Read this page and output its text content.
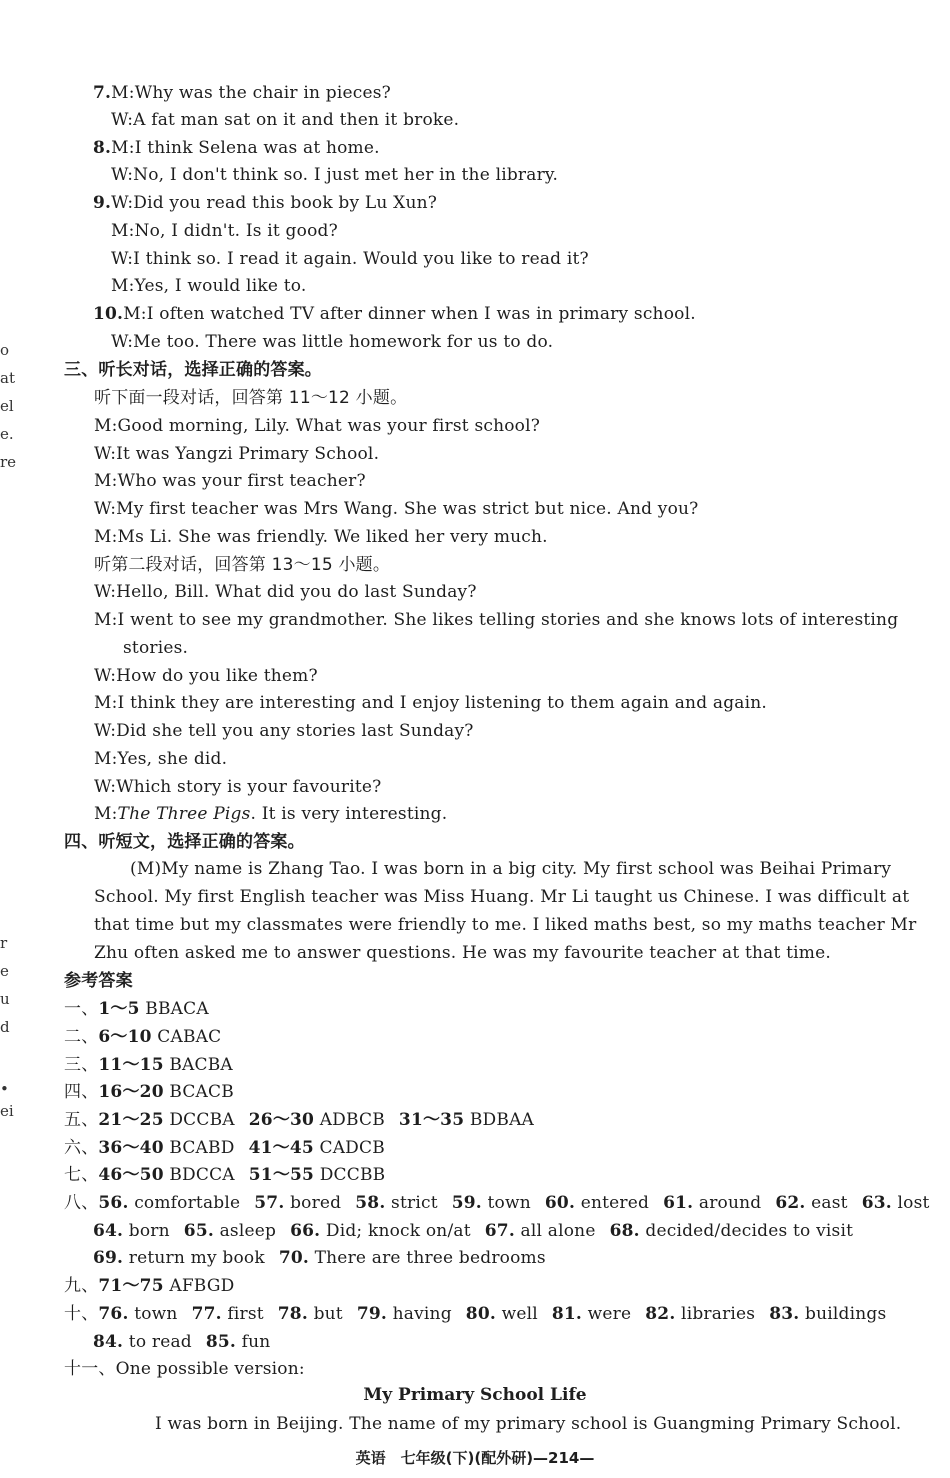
o
at
el
e.
re
r
e
u
d
•
ei
7.M:Why was the chair in pieces?
W:A fat man sat on it and then it broke.
8.M:I think Selena was at home.
W:No, I don't think so. I just met her in the library.
9.W:Did you read this book by Lu Xun?
M:No, I didn't. Is it good?
W:I think so. I read it again. Would you like to read it?
M:Yes, I would like to.
10.M:I often watched TV after dinner when I was in primary school.
W:Me too. There was little homework for us to do.
三、听长对话，选择正确的答案。
听下面一段对话，回答第 11～12 小题。
M:Good morning, Lily. What was your first school?
W:It was Yangzi Primary School.
M:Who was your first teacher?
W:My first teacher was Mrs Wang. She was strict but nice. And you?
M:Ms Li. She was friendly. We liked her very much.
听第二段对话，回答第 13～15 小题。
W:Hello, Bill. What did you do last Sunday?
M:I went to see my grandmother. She likes telling stories and she knows lots of interesting
stories.
W:How do you like them?
M:I think they are interesting and I enjoy listening to them again and again.
W:Did she tell you any stories last Sunday?
M:Yes, she did.
W:Which story is your favourite?
M:The Three Pigs. It is very interesting.
四、听短文，选择正确的答案。
(M)My name is Zhang Tao. I was born in a big city. My first school was Beihai Primary
School. My first English teacher was Miss Huang. Mr Li taught us Chinese. I was difficult at
that time but my classmates were friendly to me. I liked maths best, so my maths teacher Mr
Zhu often asked me to answer questions. He was my favourite teacher at that time.
参考答案
一、1～5 BBACA
二、6～10 CABAC
三、11～15 BACBA
四、16～20 BCACB
五、21～25 DCCBA 26～30 ADBCB 31～35 BDBAA
六、36～40 BCABD 41～45 CADCB
七、46～50 BDCCA 51～55 DCCBB
八、56. comfortable 57. bored 58. strict 59. town 60. entered 61. around 62. east 63. lost
64. born 65. asleep 66. Did; knock on/at 67. all alone 68. decided/decides to visit
69. return my book 70. There are three bedrooms
九、71～75 AFBGD
十、76. town 77. first 78. but 79. having 80. well 81. were 82. libraries 83. buildings
84. to read 85. fun
十一、One possible version:
My Primary School Life
I was born in Beijing. The name of my primary school is Guangming Primary School.
英语　七年级(下)(配外研)—214—
